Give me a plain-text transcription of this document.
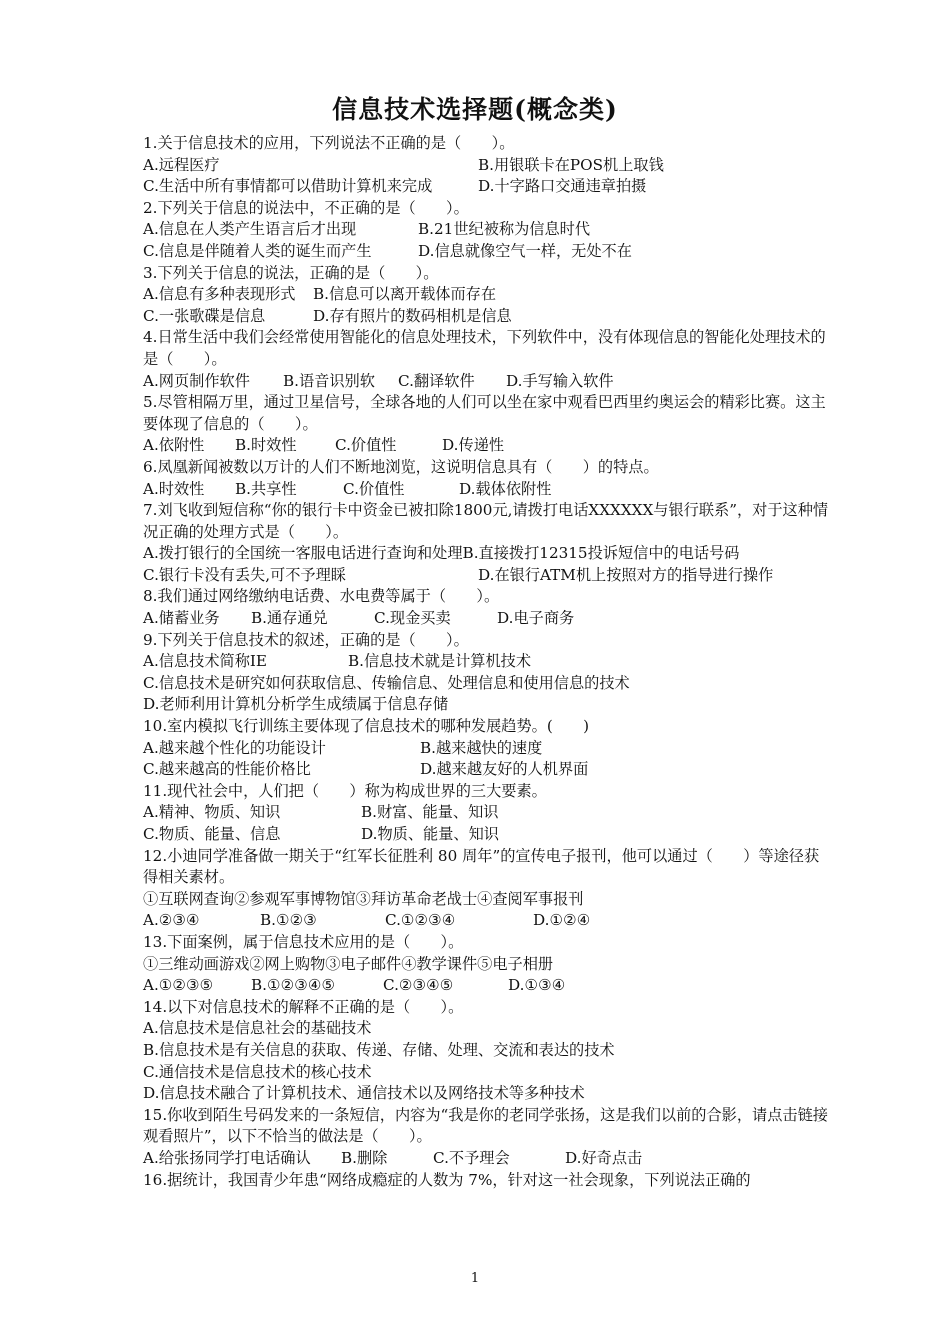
信息技术选择题(概念类)
1.关于信息技术的应用，下列说法不正确的是（　　）。
A.远程医疗	B.用银联卡在POS机上取钱
C.生活中所有事情都可以借助计算机来完成	D.十字路口交通违章拍摄
2.下列关于信息的说法中，不正确的是（　　）。
A.信息在人类产生语言后才出现	B.21世纪被称为信息时代
C.信息是伴随着人类的诞生而产生	D.信息就像空气一样，无处不在
3.下列关于信息的说法，正确的是（　　）。
A.信息有多种表现形式	B.信息可以离开载体而存在
C.一张歌碟是信息	D.存有照片的数码相机是信息
4.日常生活中我们会经常使用智能化的信息处理技术，下列软件中，没有体现信息的智能化处理技术的是（　　）。
A.网页制作软件	B.语音识别软	C.翻译软件	D.手写输入软件
5.尽管相隔万里，通过卫星信号，全球各地的人们可以坐在家中观看巴西里约奥运会的精彩比赛。这主要体现了信息的（　　）。
A.依附性	B.时效性	C.价值性	D.传递性
6.凤凰新闻被数以万计的人们不断地浏览，这说明信息具有（　　）的特点。
A.时效性	B.共享性	C.价值性	D.载体依附性
7.刘飞收到短信称“你的银行卡中资金已被扣除1800元,请拨打电话XXXXXX与银行联系”，对于这种情况正确的处理方式是（　　）。
A.拨打银行的全国统一客服电话进行查询和处理 B.直接拨打12315投诉短信中的电话号码
C.银行卡没有丢失,可不予理睬	D.在银行ATM机上按照对方的指导进行操作
8.我们通过网络缴纳电话费、水电费等属于（　　）。
A.储蓄业务	B.通存通兑	C.现金买卖	D.电子商务
9.下列关于信息技术的叙述，正确的是（　　）。
A.信息技术简称IE	B.信息技术就是计算机技术
C.信息技术是研究如何获取信息、传输信息、处理信息和使用信息的技术
D.老师利用计算机分析学生成绩属于信息存储
10.室内模拟飞行训练主要体现了信息技术的哪种发展趋势。(　　)
A.越来越个性化的功能设计	B.越来越快的速度
C.越来越高的性能价格比	D.越来越友好的人机界面
11.现代社会中，人们把（　　）称为构成世界的三大要素。
A.精神、物质、知识	B.财富、能量、知识
C.物质、能量、信息	D.物质、能量、知识
12.小迪同学准备做一期关于“红军长征胜利 80 周年”的宣传电子报刊，他可以通过（　　）等途径获得相关素材。
①互联网查询②参观军事博物馆③拜访革命老战士④查阅军事报刊
A.②③④	B.①②③	C.①②③④	D.①②④
13.下面案例，属于信息技术应用的是（　　）。
①三维动画游戏②网上购物③电子邮件④教学课件⑤电子相册
A.①②③⑤	B.①②③④⑤	C.②③④⑤	D.①③④
14.以下对信息技术的解释不正确的是（　　）。
A.信息技术是信息社会的基础技术
B.信息技术是有关信息的获取、传递、存储、处理、交流和表达的技术
C.通信技术是信息技术的核心技术
D.信息技术融合了计算机技术、通信技术以及网络技术等多种技术
15.你收到陌生号码发来的一条短信，内容为“我是你的老同学张扬，这是我们以前的合影，请点击链接观看照片”，以下不恰当的做法是（　　）。
A.给张扬同学打电话确认	B.删除	C.不予理会	D.好奇点击
16.据统计，我国青少年患“网络成瘾症的人数为 7%，针对这一社会现象，下列说法正确的
1
